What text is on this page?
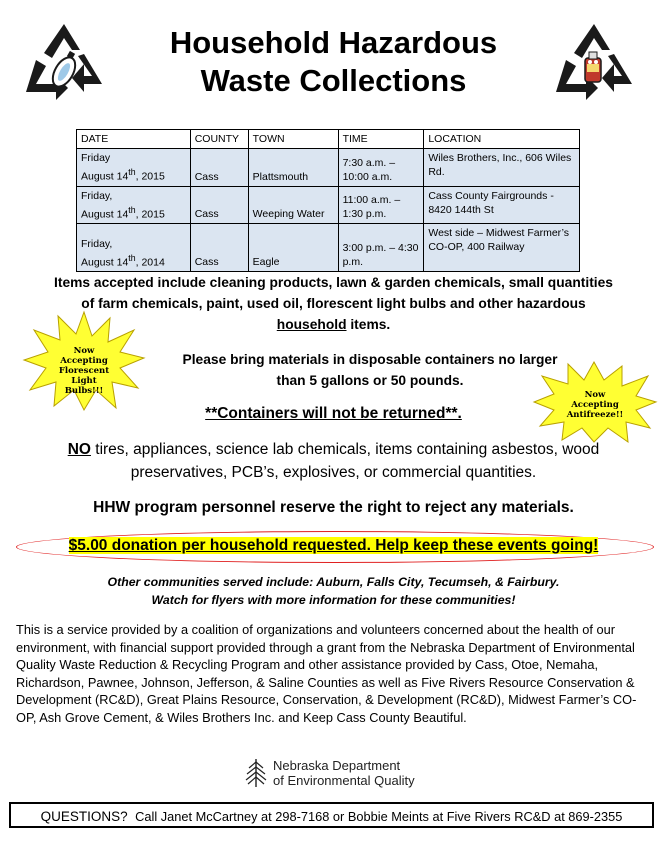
Household Hazardous
Waste Collections
DATE	COUNTY	TOWN	TIME	LOCATION
Friday
August 14th, 2015	Cass	Plattsmouth	7:30 a.m. – 10:00 a.m.	Wiles Brothers, Inc., 606 Wiles Rd.
Friday,
August 14th, 2015	Cass	Weeping Water	11:00 a.m. – 1:30 p.m.	Cass County Fairgrounds - 8420 144th St
Friday,
August 14th, 2014	Cass	Eagle	3:00 p.m. – 4:30 p.m.	West side – Midwest Farmer’s CO-OP, 400 Railway
Items accepted include cleaning products, lawn & garden chemicals, small quantities
of farm chemicals, paint, used oil, florescent light bulbs and other hazardous
household items.
Now Accepting
Florescent
Light Bulbs!!!	Now Accepting
Antifreeze!!
Please bring materials in disposable containers no larger
than 5 gallons or 50 pounds.
**Containers will not be returned**.
NO tires, appliances, science lab chemicals, items containing asbestos, wood
preservatives, PCB’s, explosives, or commercial quantities.
HHW program personnel reserve the right to reject any materials.
$5.00 donation per household requested. Help keep these events going!
Other communities served include: Auburn, Falls City, Tecumseh, & Fairbury.
Watch for flyers with more information for these communities!
This is a service provided by a coalition of organizations and volunteers concerned about the health of our environment, with financial support provided through a grant from the Nebraska Department of Environmental Quality Waste Reduction & Recycling Program and other assistance provided by Cass, Otoe, Nemaha, Richardson, Pawnee, Johnson, Jefferson, & Saline Counties as well as Five Rivers Resource Conservation & Development (RC&D), Great Plains Resource, Conservation, & Development (RC&D), Midwest Farmer’s CO-OP, Ash Grove Cement, & Wiles Brothers Inc. and Keep Cass County Beautiful.
Nebraska Department
of Environmental Quality
QUESTIONS? Call Janet McCartney at 298-7168 or Bobbie Meints at Five Rivers RC&D at 869-2355
